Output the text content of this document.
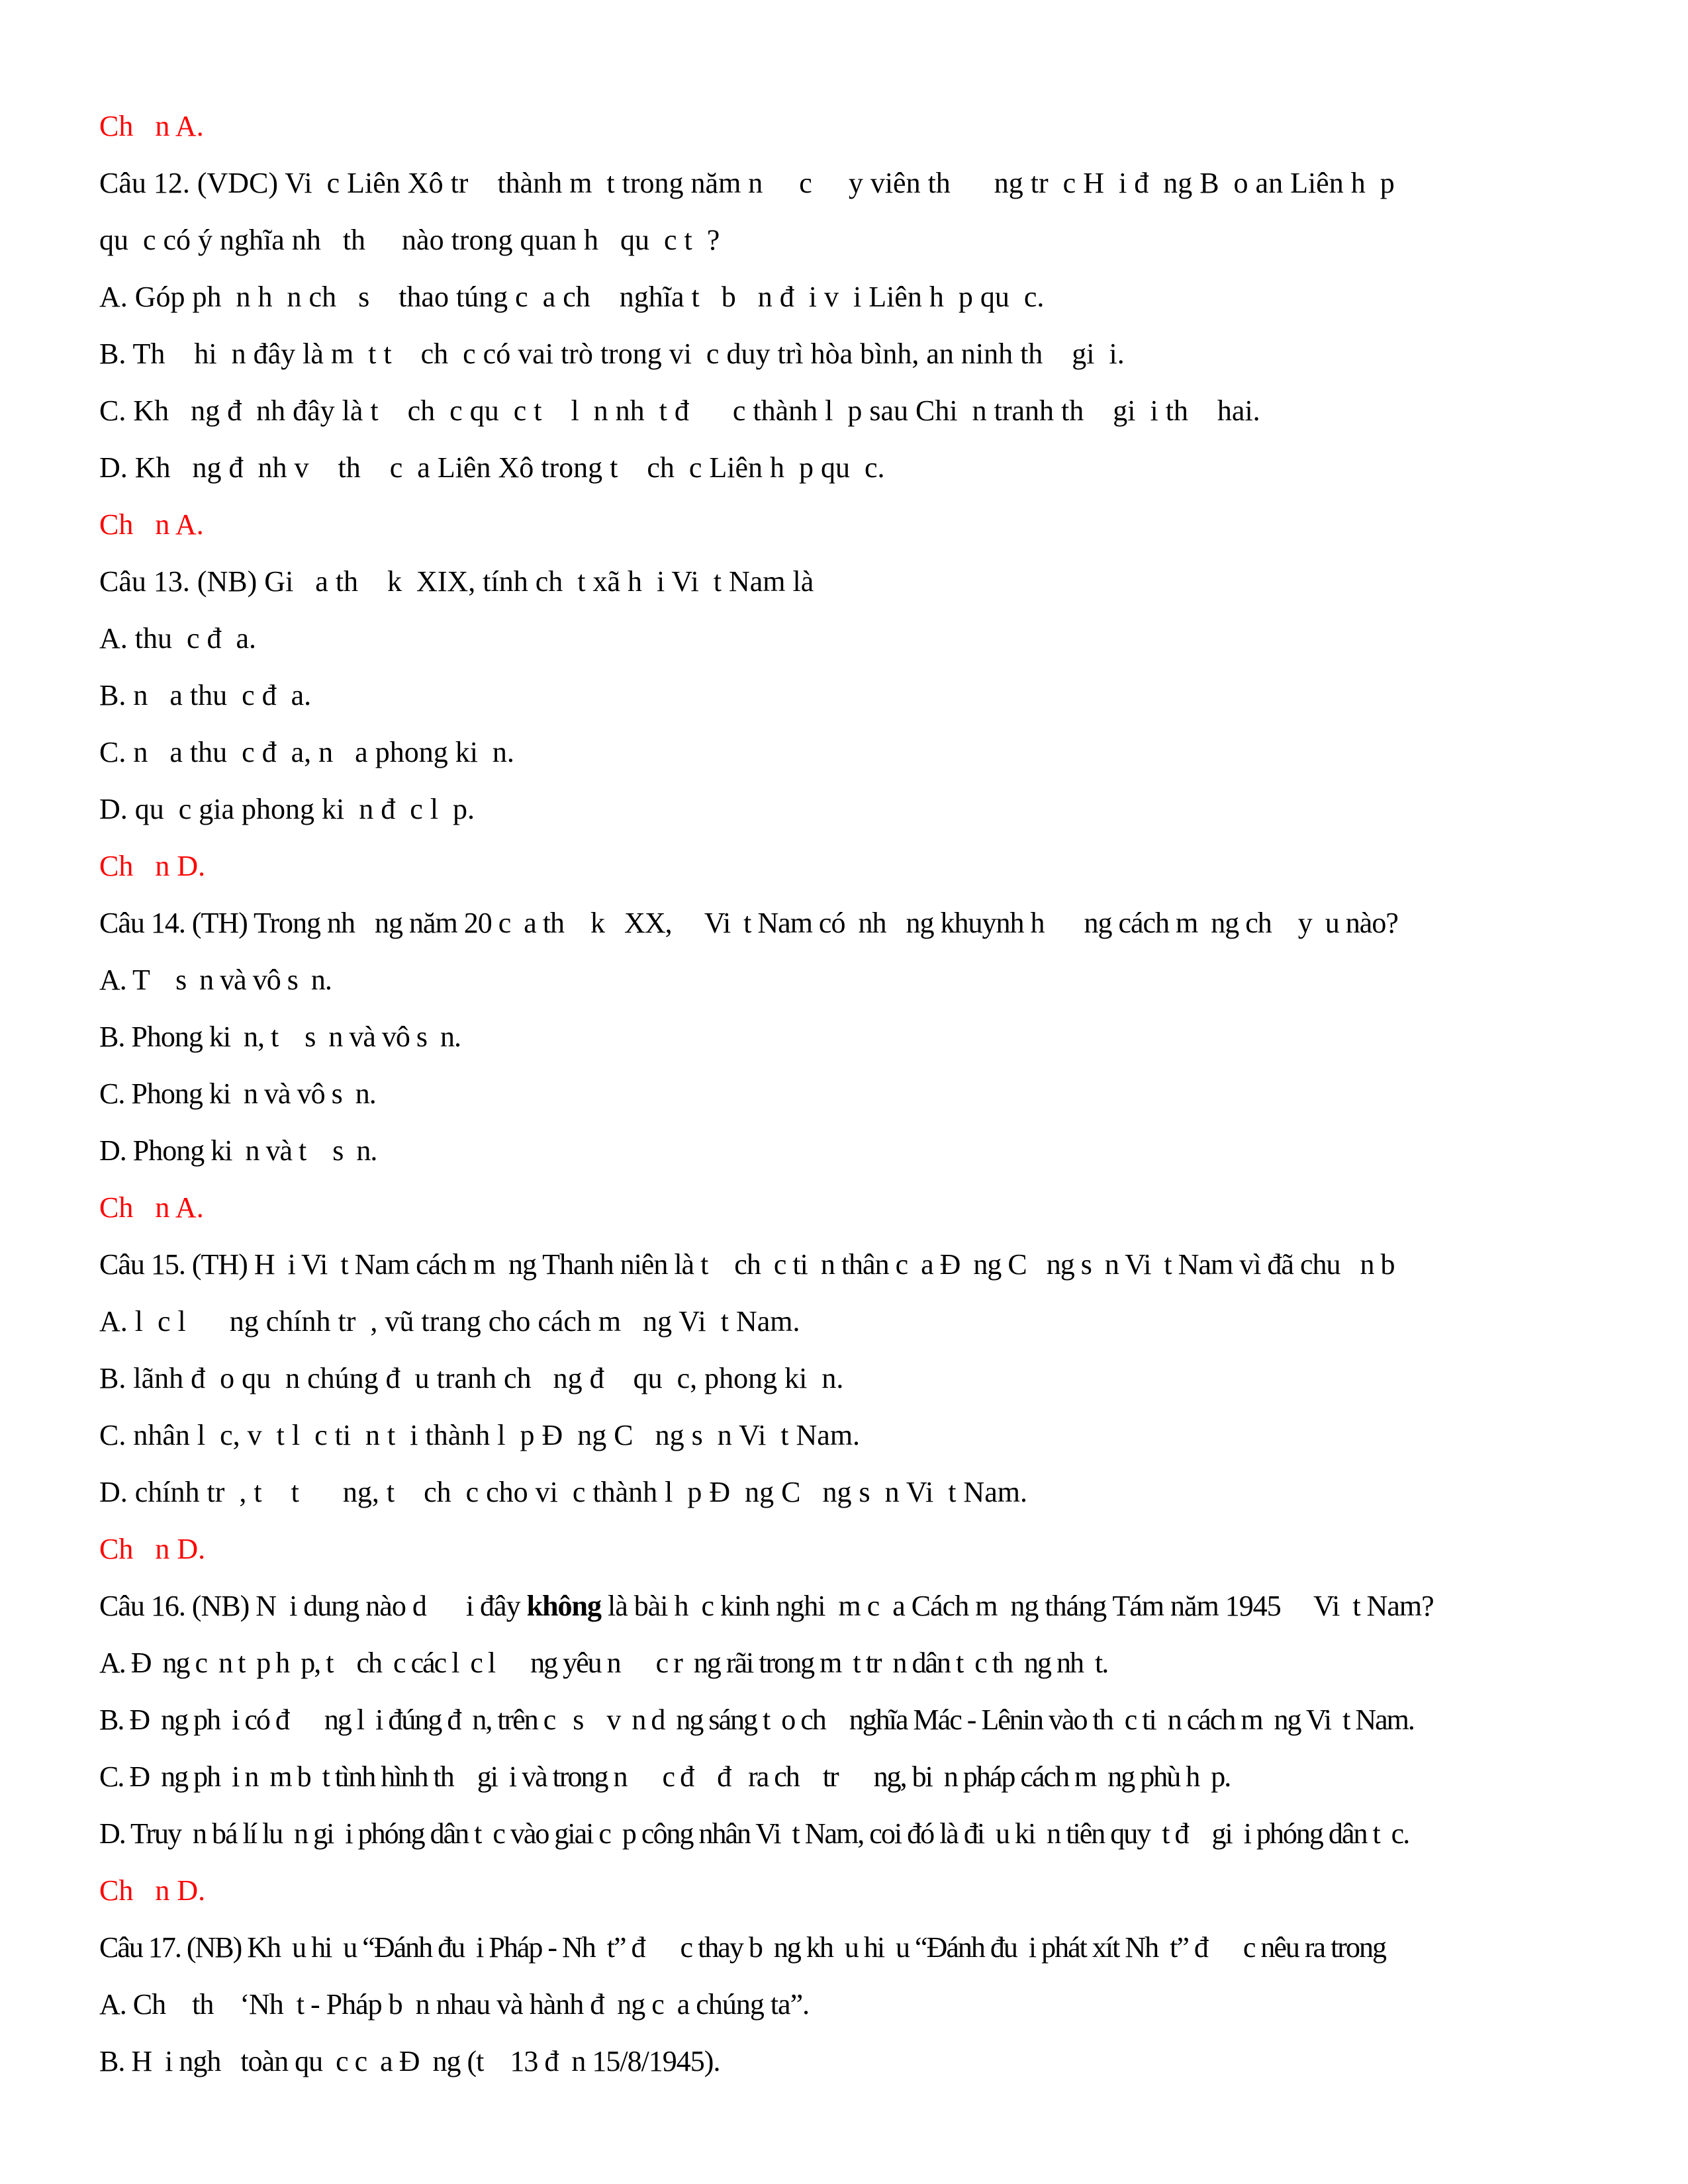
Ch   n A.
Câu 12. (VDC) Vi  c Liên Xô tr    thành m  t trong năm n     c     y viên th      ng tr  c H  i đ  ng B  o an Liên h  p
qu  c có ý nghĩa nh   th     nào trong quan h   qu  c t  ?
A. Góp ph  n h  n ch   s    thao túng c  a ch    nghĩa t   b   n đ  i v  i Liên h  p qu  c.
B. Th    hi  n đây là m  t t    ch  c có vai trò trong vi  c duy trì hòa bình, an ninh th    gi  i.
C. Kh   ng đ  nh đây là t    ch  c qu  c t    l  n nh  t đ      c thành l  p sau Chi  n tranh th    gi  i th    hai.
D. Kh   ng đ  nh v    th    c  a Liên Xô trong t    ch  c Liên h  p qu  c.
Ch   n A.
Câu 13. (NB) Gi   a th    k  XIX, tính ch  t xã h  i Vi  t Nam là
A. thu  c đ  a.
B. n   a thu  c đ  a.
C. n   a thu  c đ  a, n   a phong ki  n.
D. qu  c gia phong ki  n đ  c l  p.
Ch   n D.
Câu 14. (TH) Trong nh   ng năm 20 c  a th    k   XX,     Vi  t Nam có  nh   ng khuynh h      ng cách m  ng ch    y  u nào?
A. T    s  n và vô s  n.
B. Phong ki  n, t    s  n và vô s  n.
C. Phong ki  n và vô s  n.
D. Phong ki  n và t    s  n.
Ch   n A.
Câu 15. (TH) H  i Vi  t Nam cách m  ng Thanh niên là t    ch  c ti  n thân c  a Đ  ng C   ng s  n Vi  t Nam vì đã chu   n b
A. l  c l      ng chính tr  , vũ trang cho cách m   ng Vi  t Nam.
B. lãnh đ  o qu  n chúng đ  u tranh ch   ng đ    qu  c, phong ki  n.
C. nhân l  c, v  t l  c ti  n t  i thành l  p Đ  ng C   ng s  n Vi  t Nam.
D. chính tr  , t    t      ng, t    ch  c cho vi  c thành l  p Đ  ng C   ng s  n Vi  t Nam.
Ch   n D.
Câu 16. (NB) N  i dung nào d      i đây không là bài h  c kinh nghi  m c  a Cách m  ng tháng Tám năm 1945     Vi  t Nam?
A. Đ  ng c  n t  p h  p, t    ch  c các l  c l      ng yêu n      c r  ng rãi trong m  t tr  n dân t  c th  ng nh  t.
B. Đ  ng ph  i có đ      ng l  i đúng đ  n, trên c   s    v  n d  ng sáng t  o ch    nghĩa Mác - Lênin vào th  c ti  n cách m  ng Vi  t Nam.
C. Đ  ng ph  i n  m b  t tình hình th    gi  i và trong n      c đ    đ   ra ch    tr      ng, bi  n pháp cách m  ng phù h  p.
D. Truy  n bá lí lu  n gi  i phóng dân t  c vào giai c  p công nhân Vi  t Nam, coi đó là đi  u ki  n tiên quy  t đ    gi  i phóng dân t  c.
Ch   n D.
Câu 17. (NB) Kh  u hi  u “Đánh đu  i Pháp - Nh  t” đ      c thay b  ng kh  u hi  u “Đánh đu  i phát xít Nh  t” đ      c nêu ra trong
A. Ch    th    ‘Nh  t - Pháp b  n nhau và hành đ  ng c  a chúng ta”.
B. H  i ngh   toàn qu  c c  a Đ  ng (t    13 đ  n 15/8/1945).
